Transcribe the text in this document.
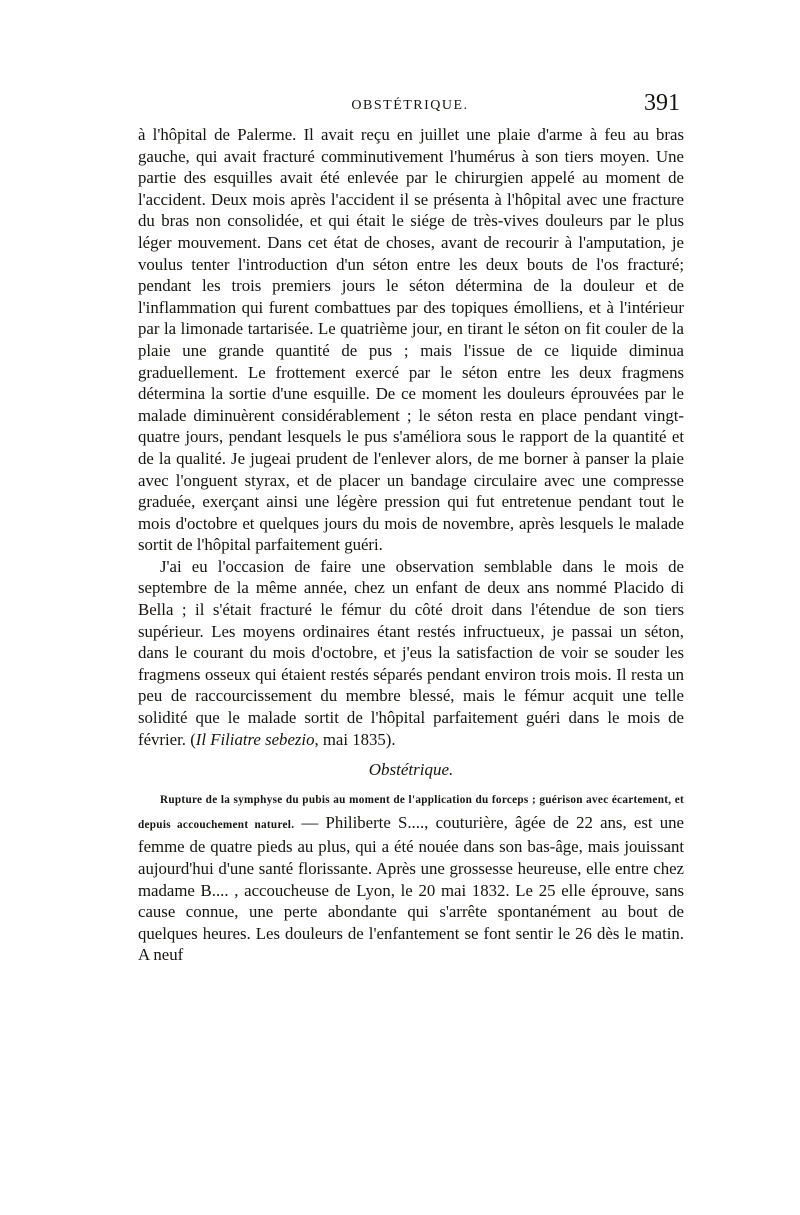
OBSTÉTRIQUE.	391

à l'hôpital de Palerme. Il avait reçu en juillet une plaie d'arme à feu au bras gauche, qui avait fracturé comminutivement l'humérus à son tiers moyen. Une partie des esquilles avait été enlevée par le chirurgien appelé au moment de l'accident. Deux mois après l'accident il se présenta à l'hôpital avec une fracture du bras non consolidée, et qui était le siége de très-vives douleurs par le plus léger mouvement. Dans cet état de choses, avant de recourir à l'amputation, je voulus tenter l'introduction d'un séton entre les deux bouts de l'os fracturé; pendant les trois premiers jours le séton détermina de la douleur et de l'inflammation qui furent combattues par des topiques émolliens, et à l'intérieur par la limonade tartarisée. Le quatrième jour, en tirant le séton on fit couler de la plaie une grande quantité de pus ; mais l'issue de ce liquide diminua graduellement. Le frottement exercé par le séton entre les deux fragmens détermina la sortie d'une esquille. De ce moment les douleurs éprouvées par le malade diminuèrent considérablement ; le séton resta en place pendant vingt-quatre jours, pendant lesquels le pus s'améliora sous le rapport de la quantité et de la qualité. Je jugeai prudent de l'enlever alors, de me borner à panser la plaie avec l'onguent styrax, et de placer un bandage circulaire avec une compresse graduée, exerçant ainsi une légère pression qui fut entretenue pendant tout le mois d'octobre et quelques jours du mois de novembre, après lesquels le malade sortit de l'hôpital parfaitement guéri.

J'ai eu l'occasion de faire une observation semblable dans le mois de septembre de la même année, chez un enfant de deux ans nommé Placido di Bella ; il s'était fracturé le fémur du côté droit dans l'étendue de son tiers supérieur. Les moyens ordinaires étant restés infructueux, je passai un séton, dans le courant du mois d'octobre, et j'eus la satisfaction de voir se souder les fragmens osseux qui étaient restés séparés pendant environ trois mois. Il resta un peu de raccourcissement du membre blessé, mais le fémur acquit une telle solidité que le malade sortit de l'hôpital parfaitement guéri dans le mois de février. (Il Filiatre sebezio, mai 1835).

Obstétrique.

Rupture de la symphyse du pubis au moment de l'application du forceps ; guérison avec écartement, et depuis accouchement naturel. — Philiberte S...., couturière, âgée de 22 ans, est une femme de quatre pieds au plus, qui a été nouée dans son bas-âge, mais jouissant aujourd'hui d'une santé florissante. Après une grossesse heureuse, elle entre chez madame B.... , accoucheuse de Lyon, le 20 mai 1832. Le 25 elle éprouve, sans cause connue, une perte abondante qui s'arrête spontanément au bout de quelques heures. Les douleurs de l'enfantement se font sentir le 26 dès le matin. A neuf
